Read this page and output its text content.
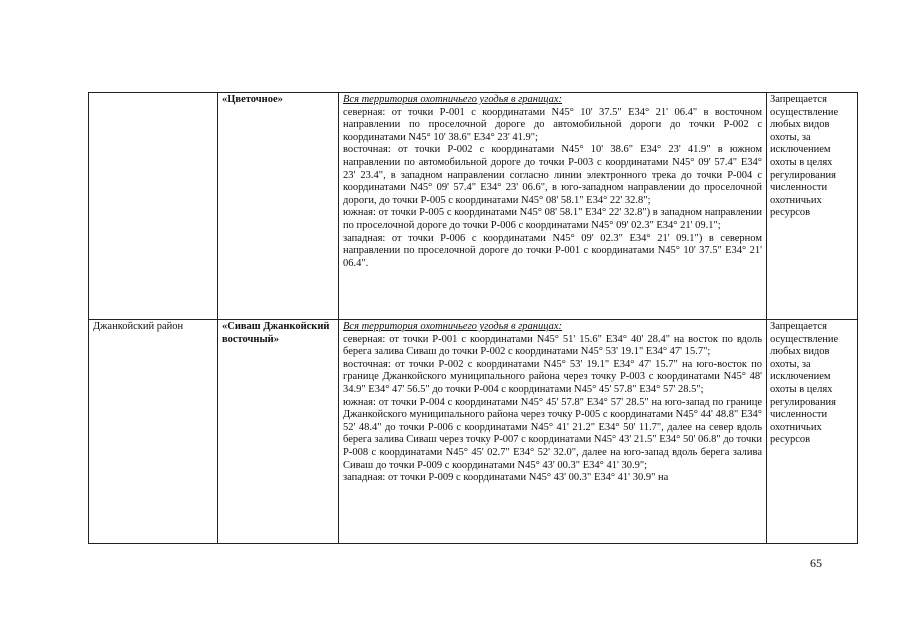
	«Цветочное»	Вся территория охотничьего угодья в границах:
северная: от точки P-001 с координатами N45° 10' 37.5" E34° 21' 06.4" в восточном направлении по проселочной дороге до автомобильной дороги до точки P-002 с координатами N45° 10' 38.6" E34° 23' 41.9";
восточная: от точки P-002 с координатами N45° 10' 38.6" E34° 23' 41.9" в южном направлении по автомобильной дороге до точки P-003 с координатами N45° 09' 57.4" E34° 23' 23.4", в западном направлении согласно линии электронного трека до точки P-004 с координатами N45° 09' 57.4" E34° 23' 06.6", в юго-западном направлении до проселочной дороги, до точки P-005 с координатами N45° 08' 58.1" E34° 22' 32.8";
южная: от точки P-005 с координатами N45° 08' 58.1" E34° 22' 32.8") в западном направлении по проселочной дороге до точки P-006 с координатами N45° 09' 02.3" E34° 21' 09.1";
западная: от точки P-006 с координатами N45° 09' 02.3" E34° 21' 09.1") в северном направлении по проселочной дороге до точки P-001 с координатами N45° 10' 37.5" E34° 21' 06.4".	Запрещается осуществление любых видов охоты, за исключением охоты в целях регулирования численности охотничьих ресурсов
Джанкойский район	«Сиваш Джанкойский восточный»	Вся территория охотничьего угодья в границах:
северная: от точки P-001 с координатами N45° 51' 15.6" E34° 40' 28.4" на восток по вдоль берега залива Сиваш до точки P-002 с координатами N45° 53' 19.1" E34° 47' 15.7";
восточная: от точки P-002 с координатами N45° 53' 19.1" E34° 47' 15.7" на юго-восток по границе Джанкойского муниципального района через точку P-003 с координатами N45° 48' 34.9" E34° 47' 56.5" до точки P-004 с координатами N45° 45' 57.8" E34° 57' 28.5";
южная: от точки P-004 с координатами N45° 45' 57.8" E34° 57' 28.5" на юго-запад по границе Джанкойского муниципального района через точку P-005 с координатами N45° 44' 48.8" E34° 52' 48.4" до точки P-006 с координатами N45° 41' 21.2" E34° 50' 11.7", далее на север вдоль берега залива Сиваш через точку P-007 с координатами N45° 43' 21.5" E34° 50' 06.8" до точки P-008 с координатами N45° 45' 02.7" E34° 52' 32.0", далее на юго-запад вдоль берега залива Сиваш до точки P-009 с координатами N45° 43' 00.3" E34° 41' 30.9";
западная: от точки P-009 с координатами N45° 43' 00.3" E34° 41' 30.9" на	Запрещается осуществление любых видов охоты, за исключением охоты в целях регулирования численности охотничьих ресурсов
65
